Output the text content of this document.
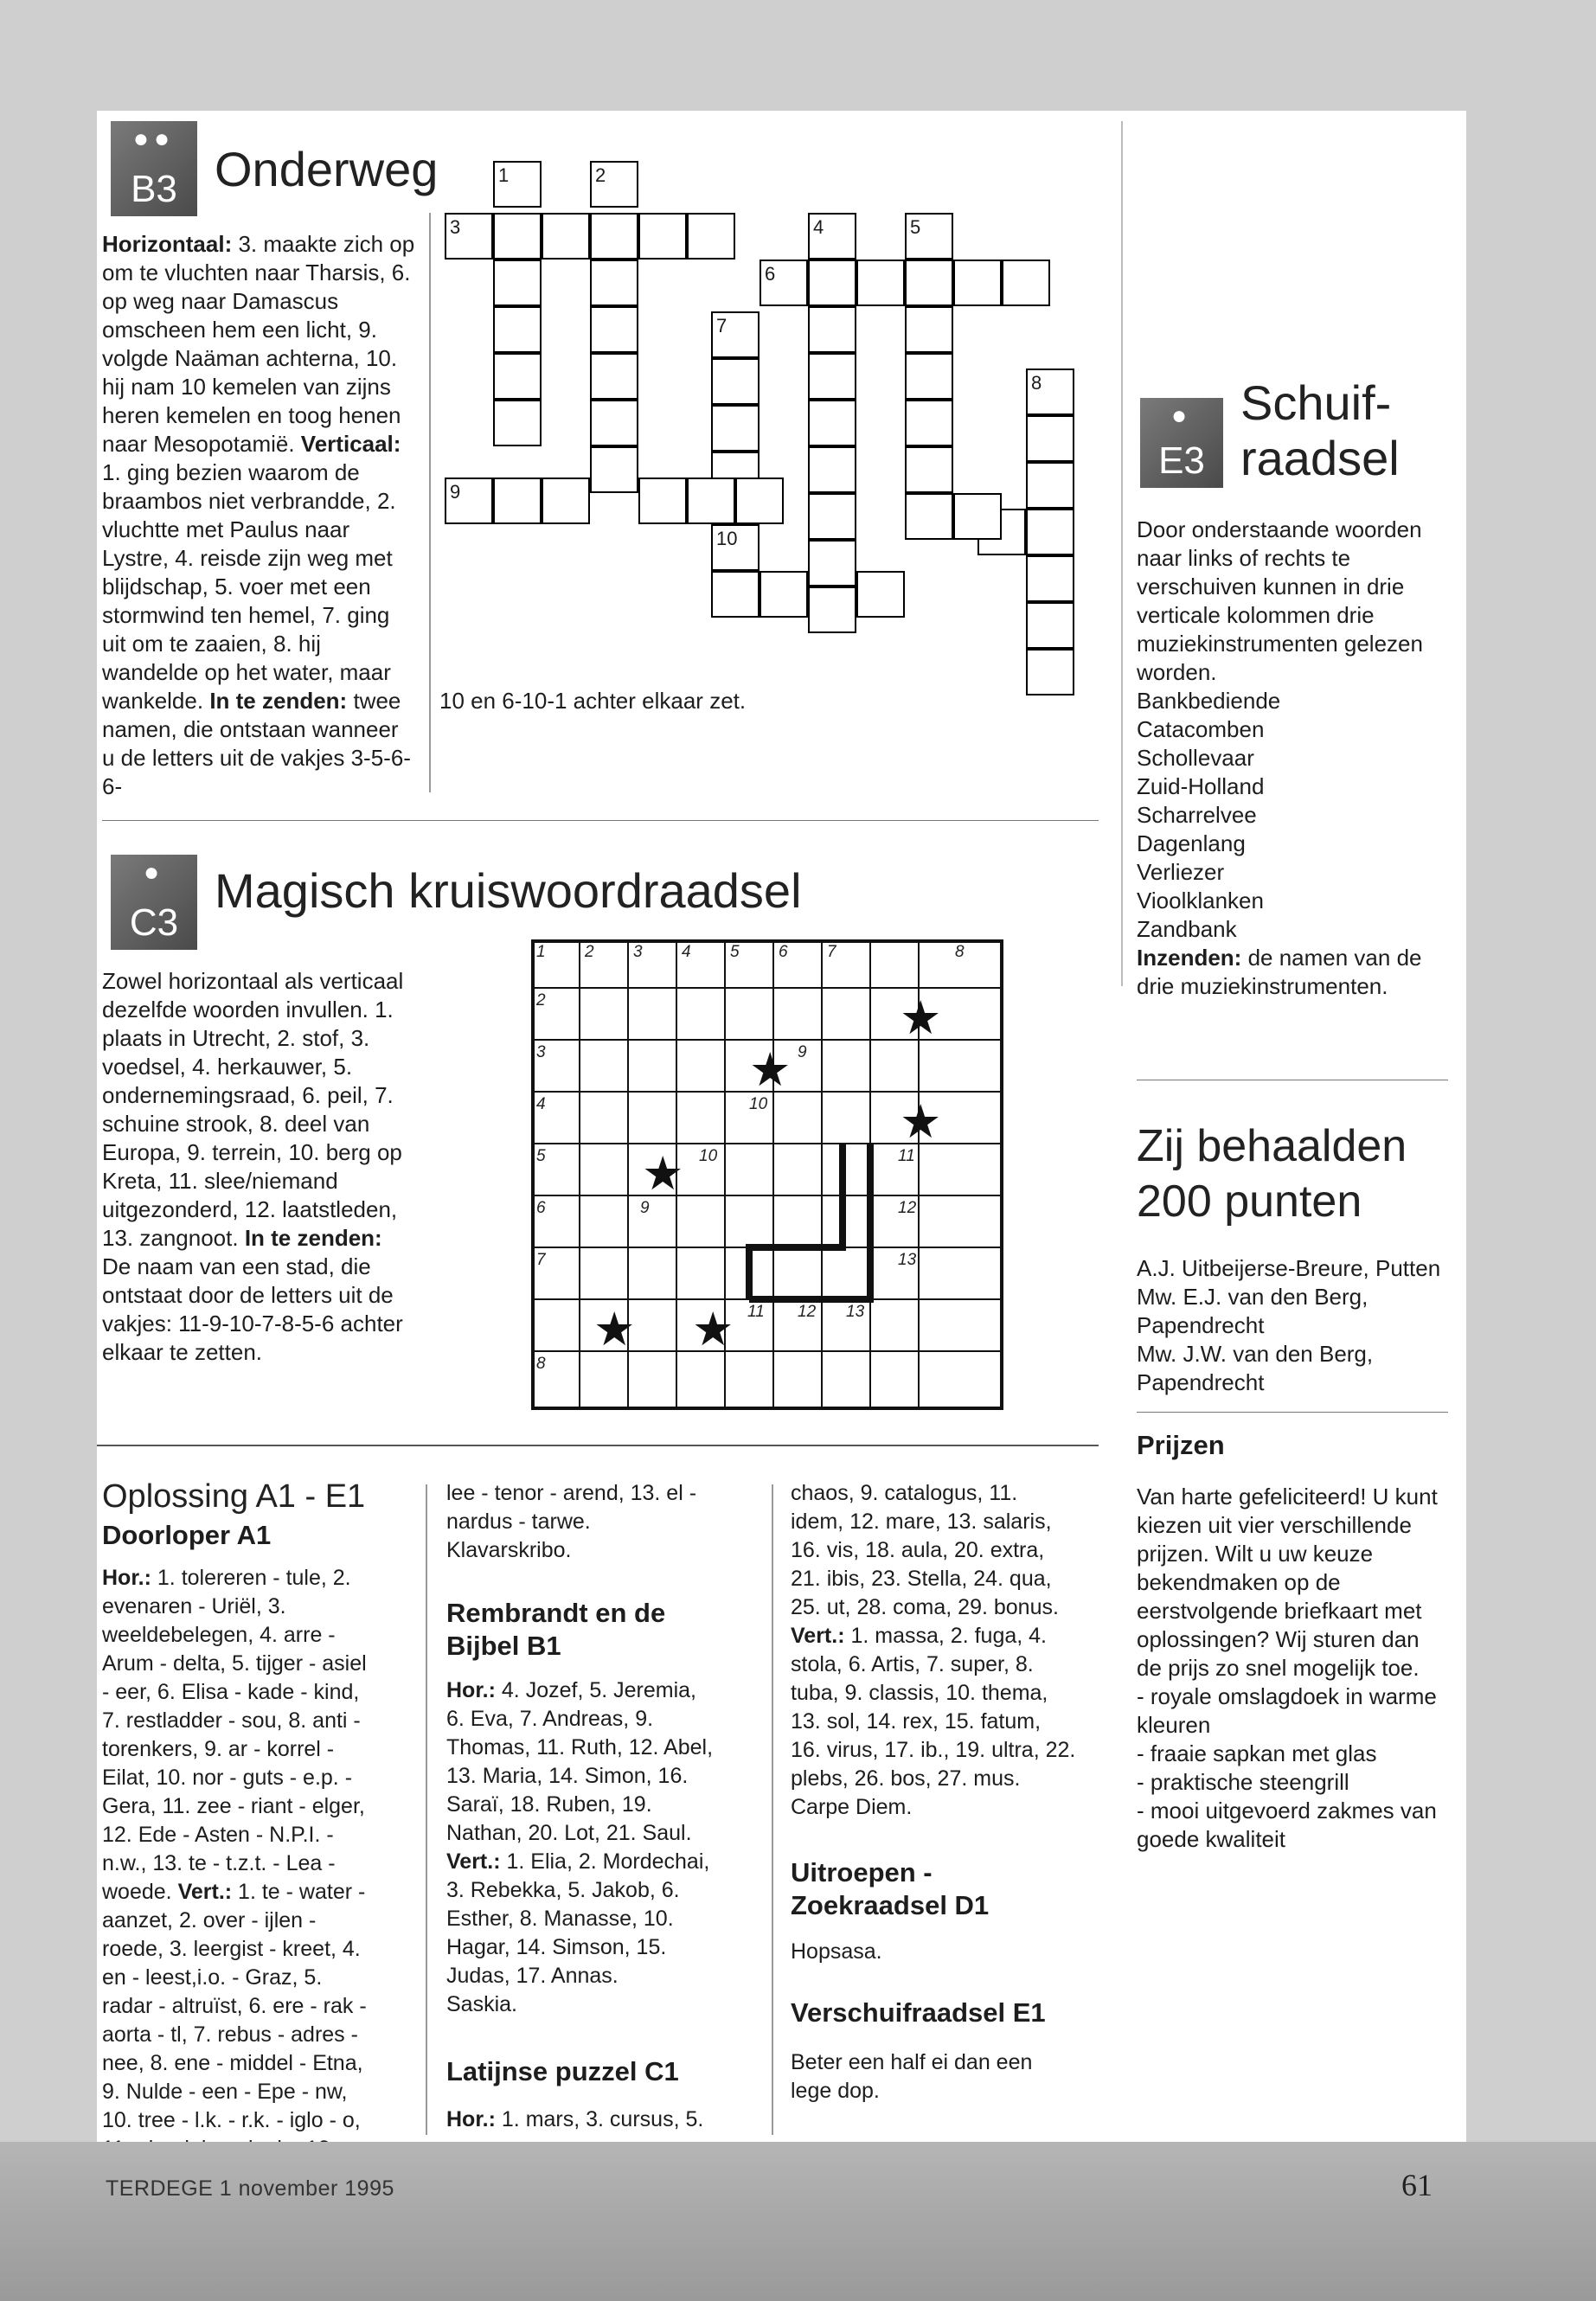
●●
B3 Onderweg
Horizontaal: 3. maakte zich op om te vluchten naar Tharsis, 6. op weg naar Damascus omscheen hem een licht, 9. volgde Naäman achterna, 10. hij nam 10 kemelen van zijns heren kemelen en toog henen naar Mesopotamië. Verticaal: 1. ging bezien waarom de braambos niet verbrandde, 2. vluchtte met Paulus naar Lystre, 4. reisde zijn weg met blijdschap, 5. voer met een stormwind ten hemel, 7. ging uit om te zaaien, 8. hij wandelde op het water, maar wankelde. In te zenden: twee namen, die ontstaan wanneer u de letters uit de vakjes 3-5-6-6-
3
1	2
6
4	5
7
9
10
8
10 en 6-10-1 achter elkaar zet.
●
C3
Magisch kruiswoordraadsel
Zowel horizontaal als verticaal dezelfde woorden invullen. 1. plaats in Utrecht, 2. stof, 3. voedsel, 4. herkauwer, 5. ondernemingsraad, 6. peil, 7. schuine strook, 8. deel van Europa, 9. terrein, 10. berg op Kreta, 11. slee/niemand uitgezonderd, 12. laatstleden, 13. zangnoot. In te zenden: De naam van een stad, die ontstaat door de letters uit de vakjes: 11-9-10-7-8-5-6 achter elkaar te zetten.
1 2 3 4 5 6 7	8
2
3
4
5
6
7
8
9
10
10	11
9	12
13
11 12 13
★
★
★
★
★ ★
●
E3
Schuif-
raadsel
Door onderstaande woorden naar links of rechts te verschuiven kunnen in drie verticale kolommen drie muziekinstrumenten gelezen worden.
Bankbediende
Catacomben
Schollevaar
Zuid-Holland
Scharrelvee
Dagenlang
Verliezer
Vioolklanken
Zandbank
Inzenden: de namen van de drie muziekinstrumenten.
Zij behaalden
200 punten
A.J. Uitbeijerse-Breure, Putten
Mw. E.J. van den Berg,
Papendrecht
Mw. J.W. van den Berg,
Papendrecht
Prijzen
Van harte gefeliciteerd! U kunt kiezen uit vier verschillende prijzen. Wilt u uw keuze bekendmaken op de eerstvolgende briefkaart met oplossingen? Wij sturen dan de prijs zo snel mogelijk toe.
- royale omslagdoek in warme kleuren
- fraaie sapkan met glas
- praktische steengrill
- mooi uitgevoerd zakmes van goede kwaliteit
Oplossing A1 - E1
Doorloper A1
Hor.: 1. tolereren - tule, 2. evenaren - Uriël, 3. weeldebelegen, 4. arre - Arum - delta, 5. tijger - asiel - eer, 6. Elisa - kade - kind, 7. restladder - sou, 8. anti - torenkers, 9. ar - korrel - Eilat, 10. nor - guts - e.p. - Gera, 11. zee - riant - elger, 12. Ede - Asten - N.P.I. - n.w., 13. te - t.z.t. - Lea - woede. Vert.: 1. te - water - aanzet, 2. over - ijlen - roede, 3. leergist - kreet, 4. en - leest,i.o. - Graz, 5. radar - altruïst, 6. ere - rak - aorta - tl, 7. rebus - adres - nee, 8. ene - middel - Etna, 9. Nulde - een - Epe - nw, 10. tree - l.k. - r.k. - iglo - o,
lee - tenor - arend, 13. el - nardus - tarwe.
Klavarskribo.
Rembrandt en de Bijbel B1
Hor.: 4. Jozef, 5. Jeremia, 6. Eva, 7. Andreas, 9. Thomas, 11. Ruth, 12. Abel, 13. Maria, 14. Simon, 16. Saraï, 18. Ruben, 19. Nathan, 20. Lot, 21. Saul.
Vert.: 1. Elia, 2. Mordechai, 3. Rebekka, 5. Jakob, 6. Esther, 8. Manasse, 10. Hagar, 14. Simson, 15. Judas, 17. Annas.
Saskia.
Latijnse puzzel C1
Hor.: 1. mars, 3. cursus, 5.
chaos, 9. catalogus, 11. idem, 12. mare, 13. salaris, 16. vis, 18. aula, 20. extra, 21. ibis, 23. Stella, 24. qua, 25. ut, 28. coma, 29. bonus.
Vert.: 1. massa, 2. fuga, 4. stola, 6. Artis, 7. super, 8. tuba, 9. classis, 10. thema, 13. sol, 14. rex, 15. fatum, 16. virus, 17. ib., 19. ultra, 22. plebs, 26. bos, 27. mus.
Carpe Diem.
Uitroepen - Zoekraadsel D1
Hopsasa.
Verschuifraadsel E1
Beter een half ei dan een lege dop.
TERDEGE 1 november 1995	61
